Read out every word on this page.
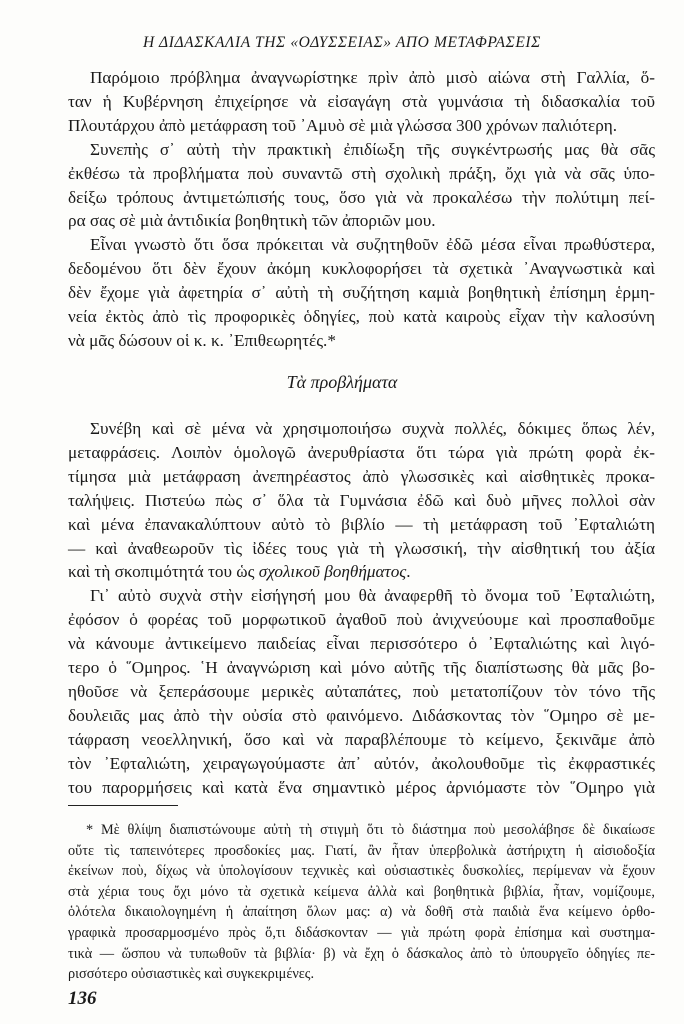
Η ΔΙΔΑΣΚΑΛΙΑ ΤΗΣ «ΟΔΥΣΣΕΙΑΣ» ΑΠΟ ΜΕΤΑΦΡΑΣΕΙΣ
Παρόμοιο πρόβλημα ἀναγνωρίστηκε πρὶν ἀπὸ μισὸ αἰώνα στὴ Γαλλία, ὅ-
ταν ἡ Κυβέρνηση ἐπιχείρησε νὰ εἰσαγάγη στὰ γυμνάσια τὴ διδασκαλία τοῦ
Πλουτάρχου ἀπὸ μετάφραση τοῦ ᾿Αμυὸ σὲ μιὰ γλώσσα 300 χρόνων παλιότερη.
Συνεπὴς σ᾿ αὐτὴ τὴν πρακτικὴ ἐπιδίωξη τῆς συγκέντρωσής μας θὰ σᾶς
ἐκθέσω τὰ προβλήματα ποὺ συναντῶ στὴ σχολικὴ πράξη, ὄχι γιὰ νὰ σᾶς ὑπο-
δείξω τρόπους ἀντιμετώπισής τους, ὅσο γιὰ νὰ προκαλέσω τὴν πολύτιμη πεί-
ρα σας σὲ μιὰ ἀντιδικία βοηθητικὴ τῶν ἀποριῶν μου.
Εἶναι γνωστὸ ὅτι ὅσα πρόκειται νὰ συζητηθοῦν ἐδῶ μέσα εἶναι πρωθύστερα,
δεδομένου ὅτι δὲν ἔχουν ἀκόμη κυκλοφορήσει τὰ σχετικὰ ᾿Αναγνωστικὰ καὶ
δὲν ἔχομε γιὰ ἀφετηρία σ᾿ αὐτὴ τὴ συζήτηση καμιὰ βοηθητικὴ ἐπίσημη ἑρμη-
νεία ἐκτὸς ἀπὸ τὶς προφορικὲς ὁδηγίες, ποὺ κατὰ καιροὺς εἶχαν τὴν καλοσύνη
νὰ μᾶς δώσουν οἱ κ. κ. ᾿Επιθεωρητές.*
Τὰ προβλήματα
Συνέβη καὶ σὲ μένα νὰ χρησιμοποιήσω συχνὰ πολλές, δόκιμες ὅπως λέν,
μεταφράσεις. Λοιπὸν ὁμολογῶ ἀνερυθρίαστα ὅτι τώρα γιὰ πρώτη φορὰ ἐκ-
τίμησα μιὰ μετάφραση ἀνεπηρέαστος ἀπὸ γλωσσικὲς καὶ αἰσθητικὲς προκα-
ταλήψεις. Πιστεύω πὼς σ᾿ ὅλα τὰ Γυμνάσια ἐδῶ καὶ δυὸ μῆνες πολλοὶ σὰν
καὶ μένα ἐπανακαλύπτουν αὐτὸ τὸ βιβλίο — τὴ μετάφραση τοῦ ᾿Εφταλιώτη
— καὶ ἀναθεωροῦν τὶς ἰδέες τους γιὰ τὴ γλωσσική, τὴν αἰσθητική του ἀξία
καὶ τὴ σκοπιμότητά του ὡς σχολικοῦ βοηθήματος.
Γι᾿ αὐτὸ συχνὰ στὴν εἰσήγησή μου θὰ ἀναφερθῆ τὸ ὄνομα τοῦ ᾿Εφταλιώτη,
ἐφόσον ὁ φορέας τοῦ μορφωτικοῦ ἀγαθοῦ ποὺ ἀνιχνεύουμε καὶ προσπαθοῦμε
νὰ κάνουμε ἀντικείμενο παιδείας εἶναι περισσότερο ὁ ᾿Εφταλιώτης καὶ λιγό-
τερο ὁ ῞Ομηρος. ῾Η ἀναγνώριση καὶ μόνο αὐτῆς τῆς διαπίστωσης θὰ μᾶς βο-
ηθοῦσε νὰ ξεπεράσουμε μερικὲς αὐταπάτες, ποὺ μετατοπίζουν τὸν τόνο τῆς
δουλειᾶς μας ἀπὸ τὴν οὐσία στὸ φαινόμενο. Διδάσκοντας τὸν ῞Ομηρο σὲ με-
τάφραση νεοελληνική, ὅσο καὶ νὰ παραβλέπουμε τὸ κείμενο, ξεκινᾶμε ἀπὸ
τὸν ᾿Εφταλιώτη, χειραγωγούμαστε ἀπ᾿ αὐτόν, ἀκολουθοῦμε τὶς ἐκφραστικές
του παρορμήσεις καὶ κατὰ ἕνα σημαντικὸ μέρος ἀρνιόμαστε τὸν ῞Ομηρο γιὰ
* Μὲ θλίψη διαπιστώνουμε αὐτὴ τὴ στιγμὴ ὅτι τὸ διάστημα ποὺ μεσολάβησε δὲ δικαίωσε
οὔτε τὶς ταπεινότερες προσδοκίες μας. Γιατί, ἂν ἦταν ὑπερβολικὰ ἀστήριχτη ἡ αἰσιοδοξία
ἐκείνων ποὺ, δίχως νὰ ὑπολογίσουν τεχνικὲς καὶ οὐσιαστικὲς δυσκολίες, περίμεναν νὰ ἔχουν
στὰ χέρια τους ὄχι μόνο τὰ σχετικὰ κείμενα ἀλλὰ καὶ βοηθητικὰ βιβλία, ἦταν, νομίζουμε,
ὁλότελα δικαιολογημένη ἡ ἀπαίτηση ὅλων μας: α) νὰ δοθῆ στὰ παιδιὰ ἕνα κείμενο ὀρθο-
γραφικὰ προσαρμοσμένο πρὸς ὅ,τι διδάσκονταν — γιὰ πρώτη φορὰ ἐπίσημα καὶ συστημα-
τικὰ — ὥσπου νὰ τυπωθοῦν τὰ βιβλία· β) νὰ ἔχη ὁ δάσκαλος ἀπὸ τὸ ὑπουργεῖο ὁδηγίες πε-
ρισσότερο οὐσιαστικὲς καὶ συγκεκριμένες.
136
